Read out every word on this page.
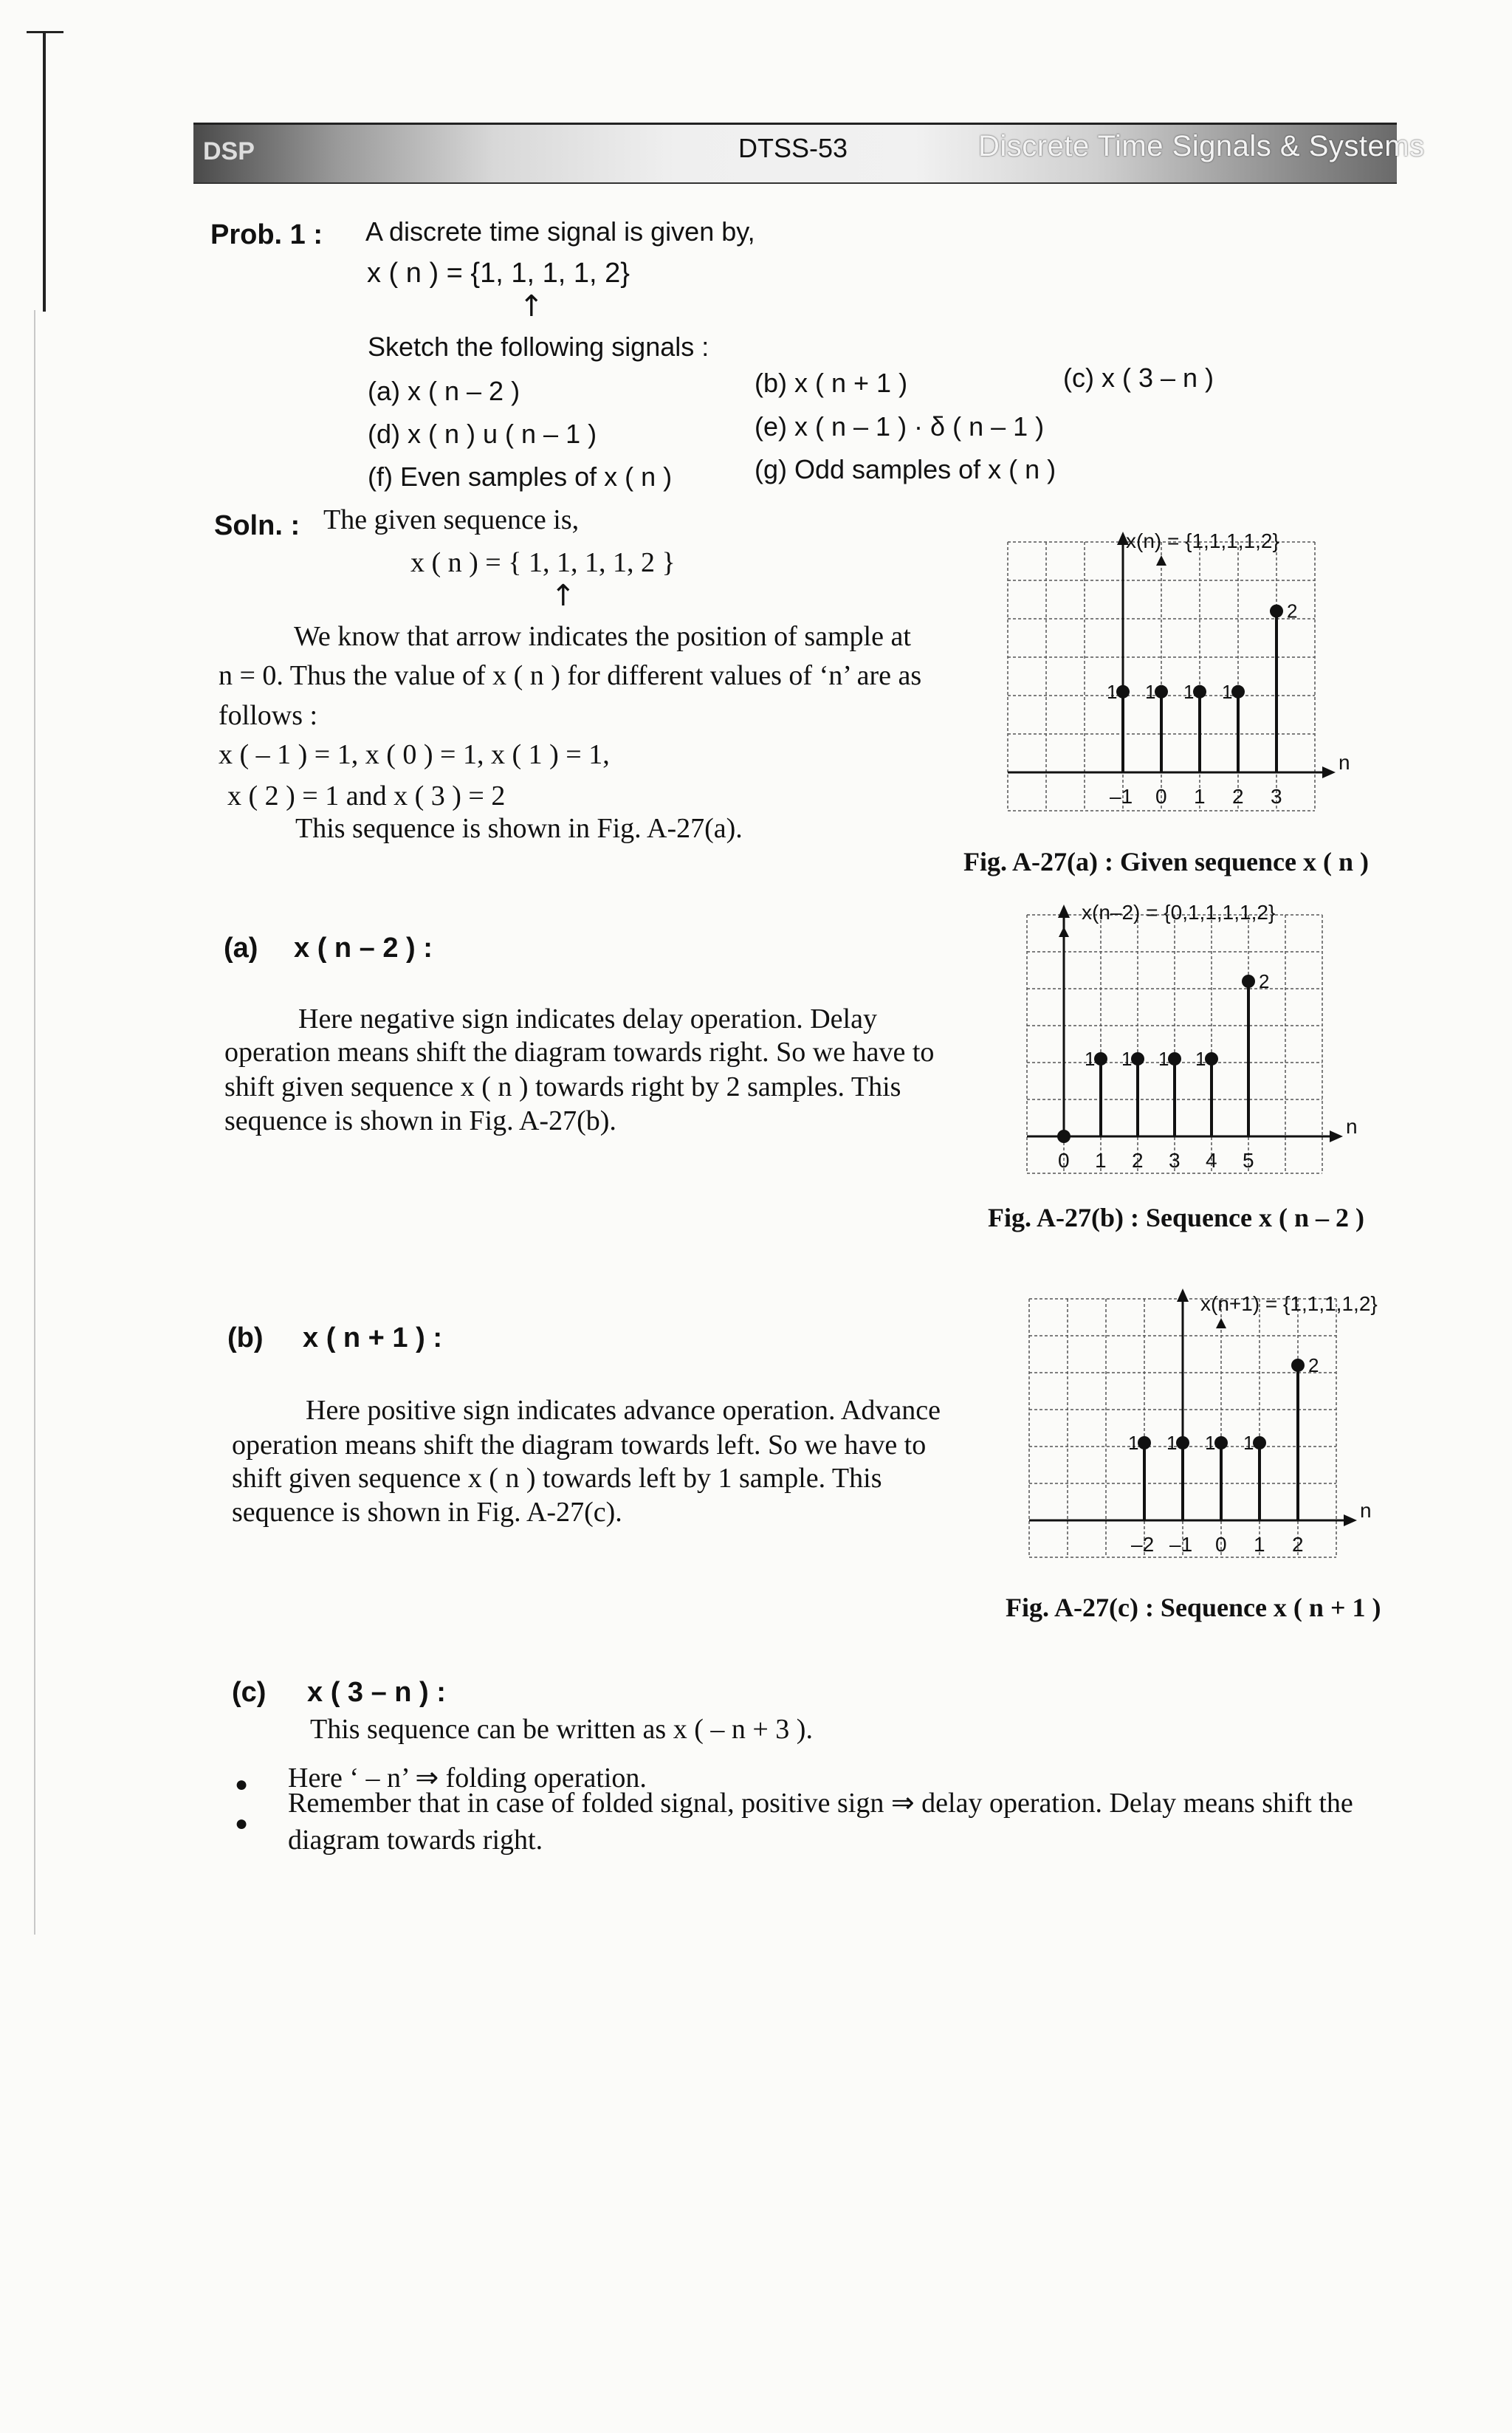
DSP	DTSS-53	Discrete Time Signals & Systems
Prob. 1 : A discrete time signal is given by,
x ( n ) = {1, 1, 1, 1, 2}
↑
Sketch the following signals :
(a) x ( n – 2 )	(b) x ( n + 1 )	(c) x ( 3 – n )
(d) x ( n ) u ( n – 1 )	(e) x ( n – 1 ) · δ ( n – 1 )
(f) Even samples of x ( n )	(g) Odd samples of x ( n )
Soln. : The given sequence is,
x ( n ) = { 1, 1, 1, 1, 2 }
↑
We know that arrow indicates the position of sample at
n = 0. Thus the value of x ( n ) for different values of ‘n’ are as
follows :
x ( – 1 ) = 1, x ( 0 ) = 1, x ( 1 ) = 1,
x ( 2 ) = 1 and x ( 3 ) = 2
This sequence is shown in Fig. A-27(a).
(a) x ( n – 2 ) :
Here negative sign indicates delay operation. Delay
operation means shift the diagram towards right. So we have to
shift given sequence x ( n ) towards right by 2 samples. This
sequence is shown in Fig. A-27(b).
(b) x ( n + 1 ) :
Here positive sign indicates advance operation. Advance
operation means shift the diagram towards left. So we have to
shift given sequence x ( n ) towards left by 1 sample. This
sequence is shown in Fig. A-27(c).
(c) x ( 3 – n ) :
This sequence can be written as x ( – n + 3 ).
● Here ‘ – n’ ⇒ folding operation.
●
Remember that in case of folded signal, positive sign ⇒ delay operation. Delay means shift the
diagram towards right.
n
x(n) = {1,1,1,1,2}
1
–1
1
0
1
1
1
2
2
3
Fig. A-27(a) : Given sequence x ( n )
n
x(n–2) = {0,1,1,1,1,2}
0
1
1
1
2
1
3
1
4
2
5
Fig. A-27(b) : Sequence x ( n – 2 )
n
x(n+1) = {1,1,1,1,2}
1
–2
1
–1
1
0
1
1
2
2
Fig. A-27(c) : Sequence x ( n + 1 )
